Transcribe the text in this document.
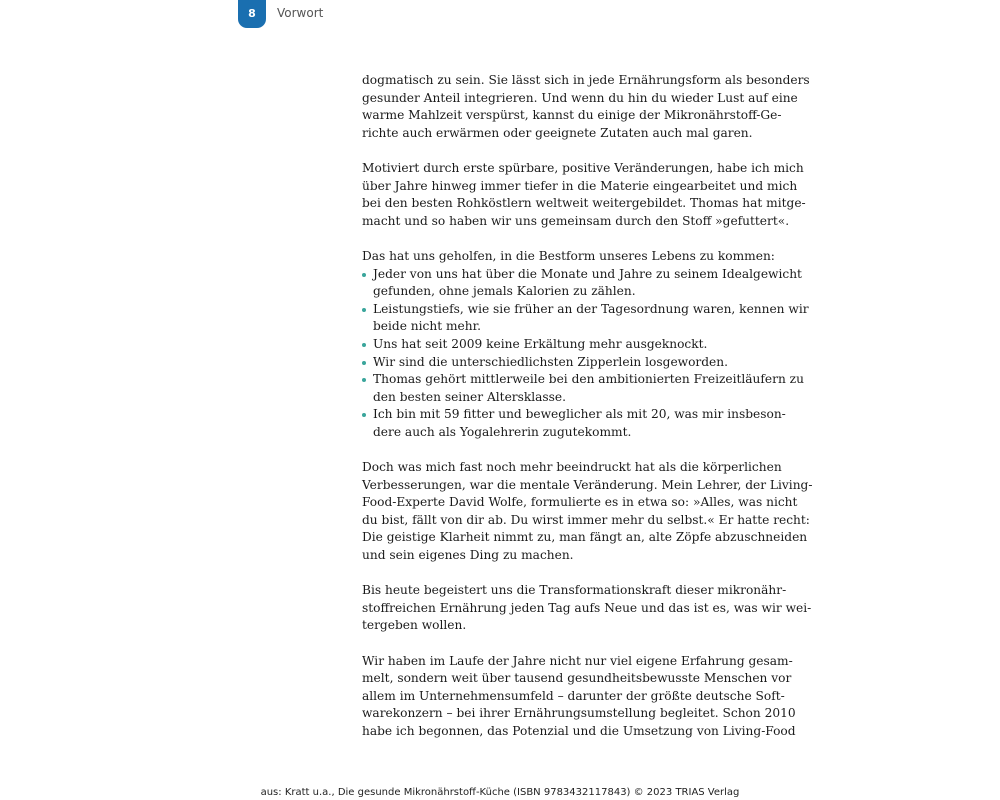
8	Vorwort

dogmatisch zu sein. Sie lässt sich in jede Ernährungsform als besonders
gesunder Anteil integrieren. Und wenn du hin du wieder Lust auf eine
warme Mahlzeit verspürst, kannst du einige der Mikronährstoff-Ge-
richte auch erwärmen oder geeignete Zutaten auch mal garen.

Motiviert durch erste spürbare, positive Veränderungen, habe ich mich
über Jahre hinweg immer tiefer in die Materie eingearbeitet und mich
bei den besten Rohköstlern weltweit weitergebildet. Thomas hat mitge-
macht und so haben wir uns gemeinsam durch den Stoff »gefuttert«.

Das hat uns geholfen, in die Bestform unseres Lebens zu kommen:

Jeder von uns hat über die Monate und Jahre zu seinem Idealgewicht
gefunden, ohne jemals Kalorien zu zählen.
Leistungstiefs, wie sie früher an der Tagesordnung waren, kennen wir
beide nicht mehr.
Uns hat seit 2009 keine Erkältung mehr ausgeknockt.
Wir sind die unterschiedlichsten Zipperlein losgeworden.
Thomas gehört mittlerweile bei den ambitionierten Freizeitläufern zu
den besten seiner Altersklasse.
Ich bin mit 59 fitter und beweglicher als mit 20, was mir insbeson-
dere auch als Yogalehrerin zugutekommt.

Doch was mich fast noch mehr beeindruckt hat als die körperlichen
Verbesserungen, war die mentale Veränderung. Mein Lehrer, der Living-
Food-Experte David Wolfe, formulierte es in etwa so: »Alles, was nicht
du bist, fällt von dir ab. Du wirst immer mehr du selbst.« Er hatte recht:
Die geistige Klarheit nimmt zu, man fängt an, alte Zöpfe abzuschneiden
und sein eigenes Ding zu machen.

Bis heute begeistert uns die Transformationskraft dieser mikronähr-
stoffreichen Ernährung jeden Tag aufs Neue und das ist es, was wir wei-
tergeben wollen.

Wir haben im Laufe der Jahre nicht nur viel eigene Erfahrung gesam-
melt, sondern weit über tausend gesundheitsbewusste Menschen vor
allem im Unternehmensumfeld – darunter der größte deutsche Soft-
warekonzern – bei ihrer Ernährungsumstellung begleitet. Schon 2010
habe ich begonnen, das Potenzial und die Umsetzung von Living-Food

aus: Kratt u.a., Die gesunde Mikronährstoff-Küche (ISBN 9783432117843) © 2023 TRIAS Verlag
